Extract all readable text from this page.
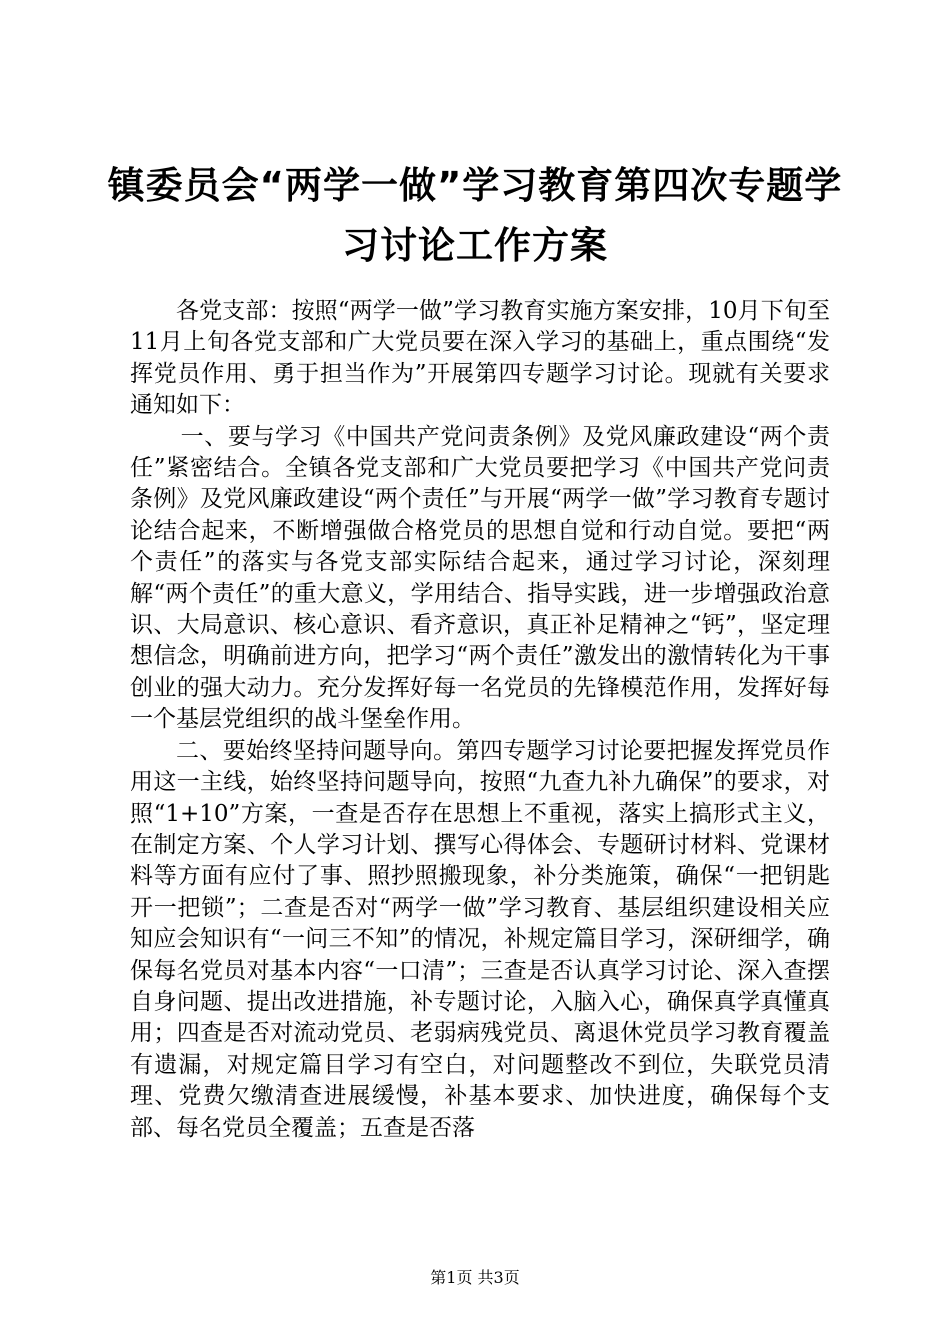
镇委员会“两学一做”学习教育第四次专题学
习讨论工作方案

各党支部：按照“两学一做”学习教育实施方案安排，10月下旬至11月上旬各党支部和广大党员要在深入学习的基础上，重点围绕“发挥党员作用、勇于担当作为”开展第四专题学习讨论。现就有关要求通知如下：

一、要与学习《中国共产党问责条例》及党风廉政建设“两个责任”紧密结合。全镇各党支部和广大党员要把学习《中国共产党问责条例》及党风廉政建设“两个责任”与开展“两学一做”学习教育专题讨论结合起来，不断增强做合格党员的思想自觉和行动自觉。要把“两个责任”的落实与各党支部实际结合起来，通过学习讨论，深刻理解“两个责任”的重大意义，学用结合、指导实践，进一步增强政治意识、大局意识、核心意识、看齐意识，真正补足精神之“钙”，坚定理想信念，明确前进方向，把学习“两个责任”激发出的激情转化为干事创业的强大动力。充分发挥好每一名党员的先锋模范作用，发挥好每一个基层党组织的战斗堡垒作用。

二、要始终坚持问题导向。第四专题学习讨论要把握发挥党员作用这一主线，始终坚持问题导向，按照“九查九补九确保”的要求，对照“1+10”方案，一查是否存在思想上不重视，落实上搞形式主义，在制定方案、个人学习计划、撰写心得体会、专题研讨材料、党课材料等方面有应付了事、照抄照搬现象，补分类施策，确保“一把钥匙开一把锁”；二查是否对“两学一做”学习教育、基层组织建设相关应知应会知识有“一问三不知”的情况，补规定篇目学习，深研细学，确保每名党员对基本内容“一口清”；三查是否认真学习讨论、深入查摆自身问题、提出改进措施，补专题讨论，入脑入心，确保真学真懂真用；四查是否对流动党员、老弱病残党员、离退休党员学习教育覆盖有遗漏，对规定篇目学习有空白，对问题整改不到位，失联党员清理、党费欠缴清查进展缓慢，补基本要求、加快进度，确保每个支部、每名党员全覆盖；五查是否落

第1页 共3页
